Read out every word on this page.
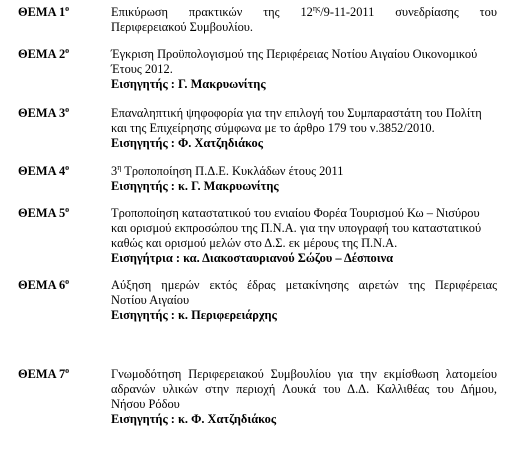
ΘΕΜΑ $1^o$	Επικύρωση πρακτικών της $12^{\eta\varsigma}/9-11-2011$ συνεδρίασης του
Περιφερειακού Συμβουλίου.
ΘΕΜΑ $2^o$	Έγκριση Προϋπολογισμού της Περιφέρειας Νοτίου Αιγαίου Οικονομικού
Έτους 2012.
Εισηγητής : Γ. Μακρυωνίτης
ΘΕΜΑ $3^o$	Επαναληπτική ψηφοφορία για την επιλογή του Συμπαραστάτη του Πολίτη
και της Επιχείρησης σύμφωνα με το άρθρο 179 του ν.3852/2010.
Εισηγητής : Φ. Χατζηδιάκος
ΘΕΜΑ $4^o$	$3^\eta$ Τροποποίηση Π.Δ.Ε. Κυκλάδων έτους 2011
Εισηγητής : κ. Γ. Μακρυωνίτης
ΘΕΜΑ $5^o$	Τροποποίηση καταστατικού του ενιαίου Φορέα Τουρισμού Κω – Νισύρου
και ορισμού εκπροσώπου της Π.Ν.Α. για την υπογραφή του καταστατικού
καθώς και ορισμού μελών στο Δ.Σ. εκ μέρους της Π.Ν.Α.
Εισηγήτρια : κα. Διακοσταυριανού Σώζου – Δέσποινα
ΘΕΜΑ $6^o$	Αύξηση ημερών εκτός έδρας μετακίνησης αιρετών της Περιφέρειας
Νοτίου Αιγαίου
Εισηγητής : κ. Περιφερειάρχης
ΘΕΜΑ $7^o$	Γνωμοδότηση Περιφερειακού Συμβουλίου για την εκμίσθωση λατομείου
αδρανών υλικών στην περιοχή Λουκά του Δ.Δ. Καλλιθέας του Δήμου,
Νήσου Ρόδου
Εισηγητής : κ. Φ. Χατζηδιάκος
